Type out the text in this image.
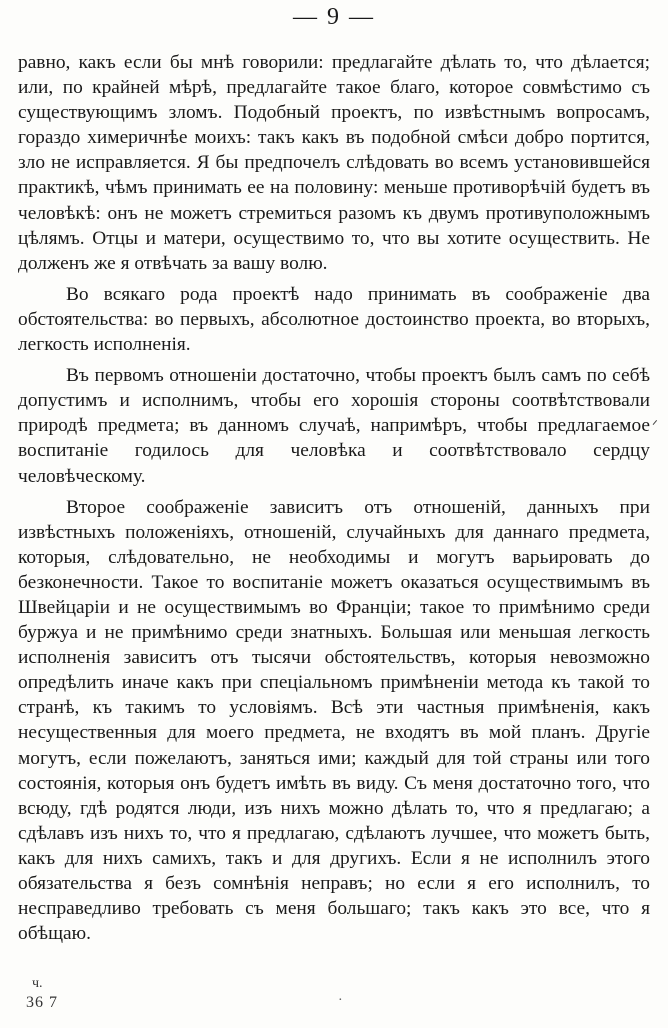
— 9 —

равно, какъ если бы мнѣ говорили: предлагайте дѣлать то, что дѣлается; или, по крайней мѣрѣ, предлагайте такое благо, которое совмѣстимо съ существующимъ зломъ. Подобный проектъ, по извѣстнымъ вопросамъ, гораздо химеричнѣе моихъ: такъ какъ въ подобной смѣси добро портится, зло не исправляется. Я бы предпочелъ слѣдовать во всемъ установившейся практикѣ, чѣмъ принимать ее на половину: меньше противорѣчій будетъ въ человѣкѣ: онъ не можетъ стремиться разомъ къ двумъ противуположнымъ цѣлямъ. Отцы и матери, осуществимо то, что вы хотите осуществить. Не долженъ же я отвѣчать за вашу волю.

Во всякаго рода проектѣ надо принимать въ соображеніе два обстоятельства: во первыхъ, абсолютное достоинство проекта, во вторыхъ, легкость исполненія.

Въ первомъ отношеніи достаточно, чтобы проектъ былъ самъ по себѣ допустимъ и исполнимъ, чтобы его хорошія стороны соотвѣтствовали природѣ предмета; въ данномъ случаѣ, напримѣръ, чтобы предлагаемое воспитаніе годилось для человѣка и соотвѣтствовало сердцу человѣческому.

Второе соображеніе зависитъ отъ отношеній, данныхъ при извѣстныхъ положеніяхъ, отношеній, случайныхъ для даннаго предмета, которыя, слѣдовательно, не необходимы и могутъ варьировать до безконечности. Такое то воспитаніе можетъ оказаться осуществимымъ въ Швейцаріи и не осуществимымъ во Франціи; такое то примѣнимо среди буржуа и не примѣнимо среди знатныхъ. Большая или меньшая легкость исполненія зависитъ отъ тысячи обстоятельствъ, которыя невозможно опредѣлить иначе какъ при спеціальномъ примѣненіи метода къ такой то странѣ, къ такимъ то условіямъ. Всѣ эти частныя примѣненія, какъ несущественныя для моего предмета, не входятъ въ мой планъ. Другіе могутъ, если пожелаютъ, заняться ими; каждый для той страны или того состоянія, которыя онъ будетъ имѣть въ виду. Съ меня достаточно того, что всюду, гдѣ родятся люди, изъ нихъ можно дѣлать то, что я предлагаю; а сдѣлавъ изъ нихъ то, что я предлагаю, сдѣлаютъ лучшее, что можетъ быть, какъ для нихъ самихъ, такъ и для другихъ. Если я не исполнилъ этого обязательства я безъ сомнѣнія неправъ; но если я его исполнилъ, то несправедливо требовать съ меня большаго; такъ какъ это все, что я обѣщаю.

ᐟ
ч.
36 7	·
